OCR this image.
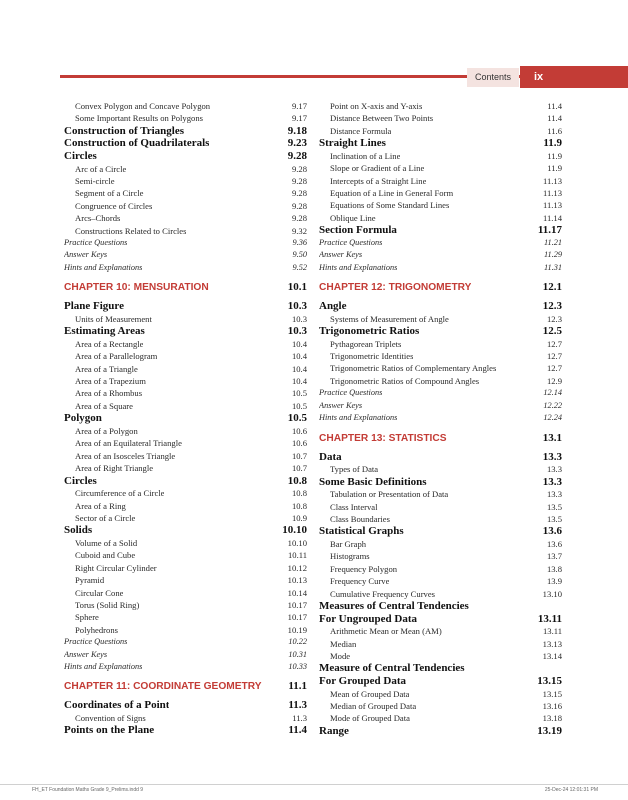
Contents	ix
Convex Polygon and Concave Polygon	9.17
Some Important Results on Polygons	9.17
Construction of Triangles	9.18
Construction of Quadrilaterals	9.23
Circles	9.28
Arc of a Circle	9.28
Semi-circle	9.28
Segment of a Circle	9.28
Congruence of Circles	9.28
Arcs–Chords	9.28
Constructions Related to Circles	9.32
Practice Questions	9.36
Answer Keys	9.50
Hints and Explanations	9.52
CHAPTER 10: MENSURATION	10.1
Plane Figure	10.3
Units of Measurement	10.3
Estimating Areas	10.3
Area of a Rectangle	10.4
Area of a Parallelogram	10.4
Area of a Triangle	10.4
Area of a Trapezium	10.4
Area of a Rhombus	10.5
Area of a Square	10.5
Polygon	10.5
Area of a Polygon	10.6
Area of an Equilateral Triangle	10.6
Area of an Isosceles Triangle	10.7
Area of Right Triangle	10.7
Circles	10.8
Circumference of a Circle	10.8
Area of a Ring	10.8
Sector of a Circle	10.9
Solids	10.10
Volume of a Solid	10.10
Cuboid and Cube	10.11
Right Circular Cylinder	10.12
Pyramid	10.13
Circular Cone	10.14
Torus (Solid Ring)	10.17
Sphere	10.17
Polyhedrons	10.19
Practice Questions	10.22
Answer Keys	10.31
Hints and Explanations	10.33
CHAPTER 11: COORDINATE GEOMETRY 11.1
Coordinates of a Point	11.3
Convention of Signs	11.3
Points on the Plane	11.4
Point on X-axis and Y-axis	11.4
Distance Between Two Points	11.4
Distance Formula	11.6
Straight Lines	11.9
Inclination of a Line	11.9
Slope or Gradient of a Line	11.9
Intercepts of a Straight Line	11.13
Equation of a Line in General Form	11.13
Equations of Some Standard Lines	11.13
Oblique Line	11.14
Section Formula	11.17
Practice Questions	11.21
Answer Keys	11.29
Hints and Explanations	11.31
CHAPTER 12: TRIGONOMETRY	12.1
Angle	12.3
Systems of Measurement of Angle	12.3
Trigonometric Ratios	12.5
Pythagorean Triplets	12.7
Trigonometric Identities	12.7
Trigonometric Ratios of Complementary Angles	12.7
Trigonometric Ratios of Compound Angles	12.9
Practice Questions	12.14
Answer Keys	12.22
Hints and Explanations	12.24
CHAPTER 13: STATISTICS	13.1
Data	13.3
Types of Data	13.3
Some Basic Definitions	13.3
Tabulation or Presentation of Data	13.3
Class Interval	13.5
Class Boundaries	13.5
Statistical Graphs	13.6
Bar Graph	13.6
Histograms	13.7
Frequency Polygon	13.8
Frequency Curve	13.9
Cumulative Frequency Curves	13.10
Measures of Central Tendencies
For Ungrouped Data	13.11
Arithmetic Mean or Mean (AM)	13.11
Median	13.13
Mode	13.14
Measure of Central Tendencies
For Grouped Data	13.15
Mean of Grouped Data	13.15
Median of Grouped Data	13.16
Mode of Grouped Data	13.18
Range	13.19
FH_ET Foundation Maths Grade 9_Prelims.indd 9	25-Dec-24 12:01:31 PM
